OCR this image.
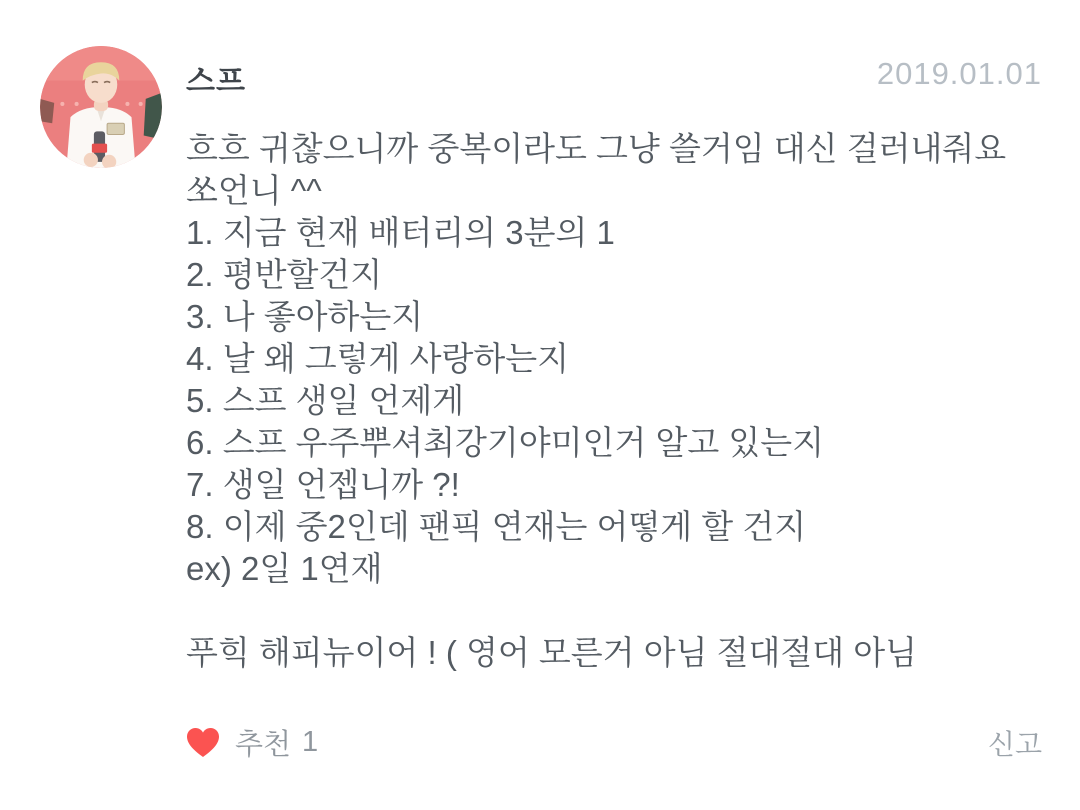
스프	2019.01.01
흐흐 귀찮으니까 중복이라도 그냥 쓸거임 대신 걸러내줘요
쏘언니 ^^
1. 지금 현재 배터리의 3분의 1
2. 평반할건지
3. 나 좋아하는지
4. 날 왜 그렇게 사랑하는지
5. 스프 생일 언제게
6. 스프 우주뿌셔최강기야미인거 알고 있는지
7. 생일 언젭니까 ?!
8. 이제 중2인데 팬픽 연재는 어떻게 할 건지
ex) 2일 1연재
푸힉 해피뉴이어 ! ( 영어 모른거 아님 절대절대 아님
추천 1	신고
